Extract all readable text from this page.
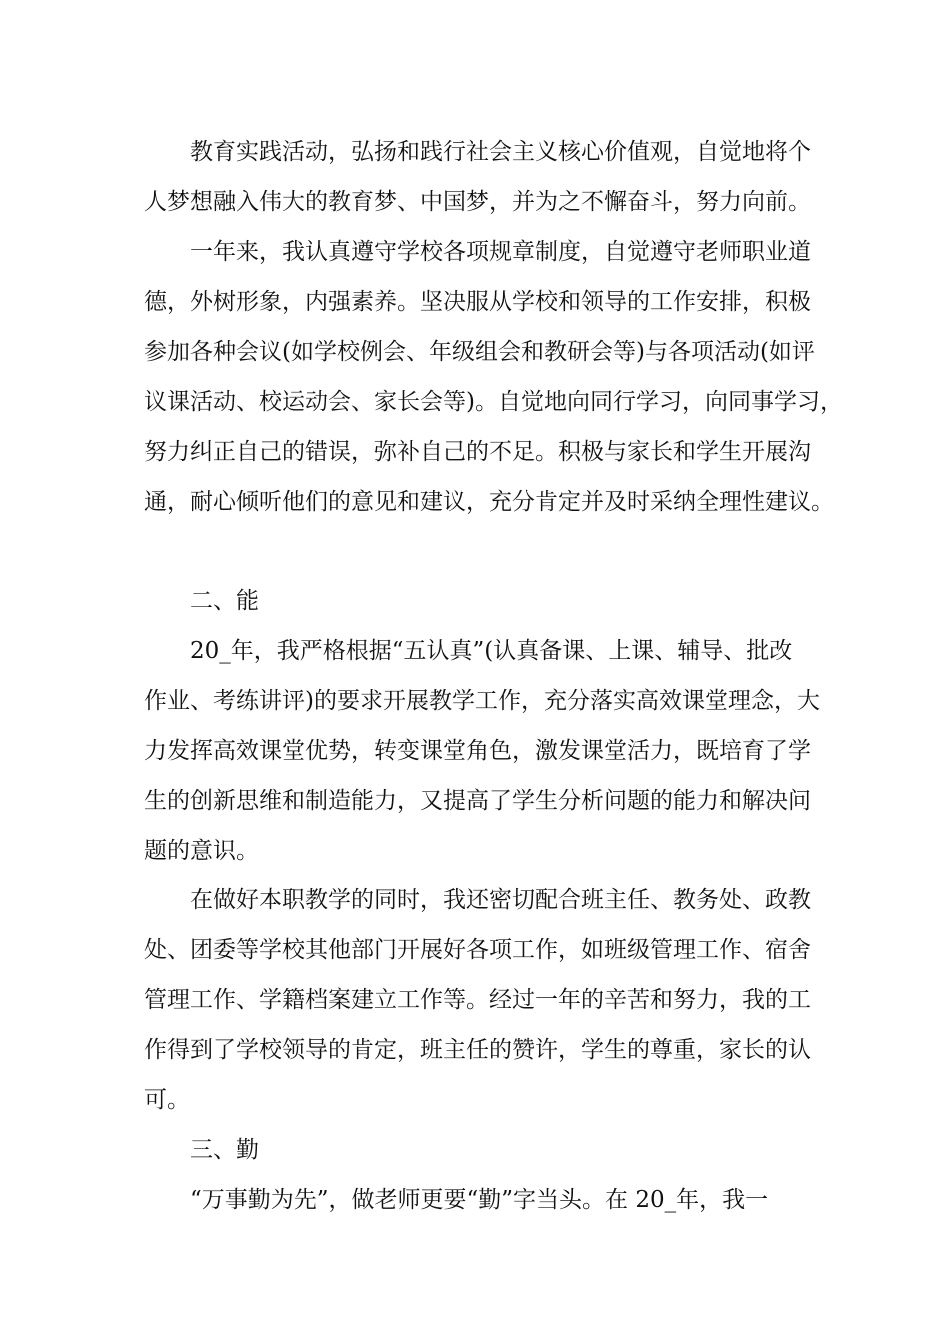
教育实践活动，弘扬和践行社会主义核心价值观，自觉地将个
人梦想融入伟大的教育梦、中国梦，并为之不懈奋斗，努力向前。
一年来，我认真遵守学校各项规章制度，自觉遵守老师职业道
德，外树形象，内强素养。坚决服从学校和领导的工作安排，积极
参加各种会议(如学校例会、年级组会和教研会等)与各项活动(如评
议课活动、校运动会、家长会等)。自觉地向同行学习，向同事学习，
努力纠正自己的错误，弥补自己的不足。积极与家长和学生开展沟
通，耐心倾听他们的意见和建议，充分肯定并及时采纳全理性建议。
二、能
20_年，我严格根据“五认真”(认真备课、上课、辅导、批改
作业、考练讲评)的要求开展教学工作，充分落实高效课堂理念，大
力发挥高效课堂优势，转变课堂角色，激发课堂活力，既培育了学
生的创新思维和制造能力，又提高了学生分析问题的能力和解决问
题的意识。
在做好本职教学的同时，我还密切配合班主任、教务处、政教
处、团委等学校其他部门开展好各项工作，如班级管理工作、宿舍
管理工作、学籍档案建立工作等。经过一年的辛苦和努力，我的工
作得到了学校领导的肯定，班主任的赞许，学生的尊重，家长的认
可。
三、勤
“万事勤为先”，做老师更要“勤”字当头。在 20_年，我一
